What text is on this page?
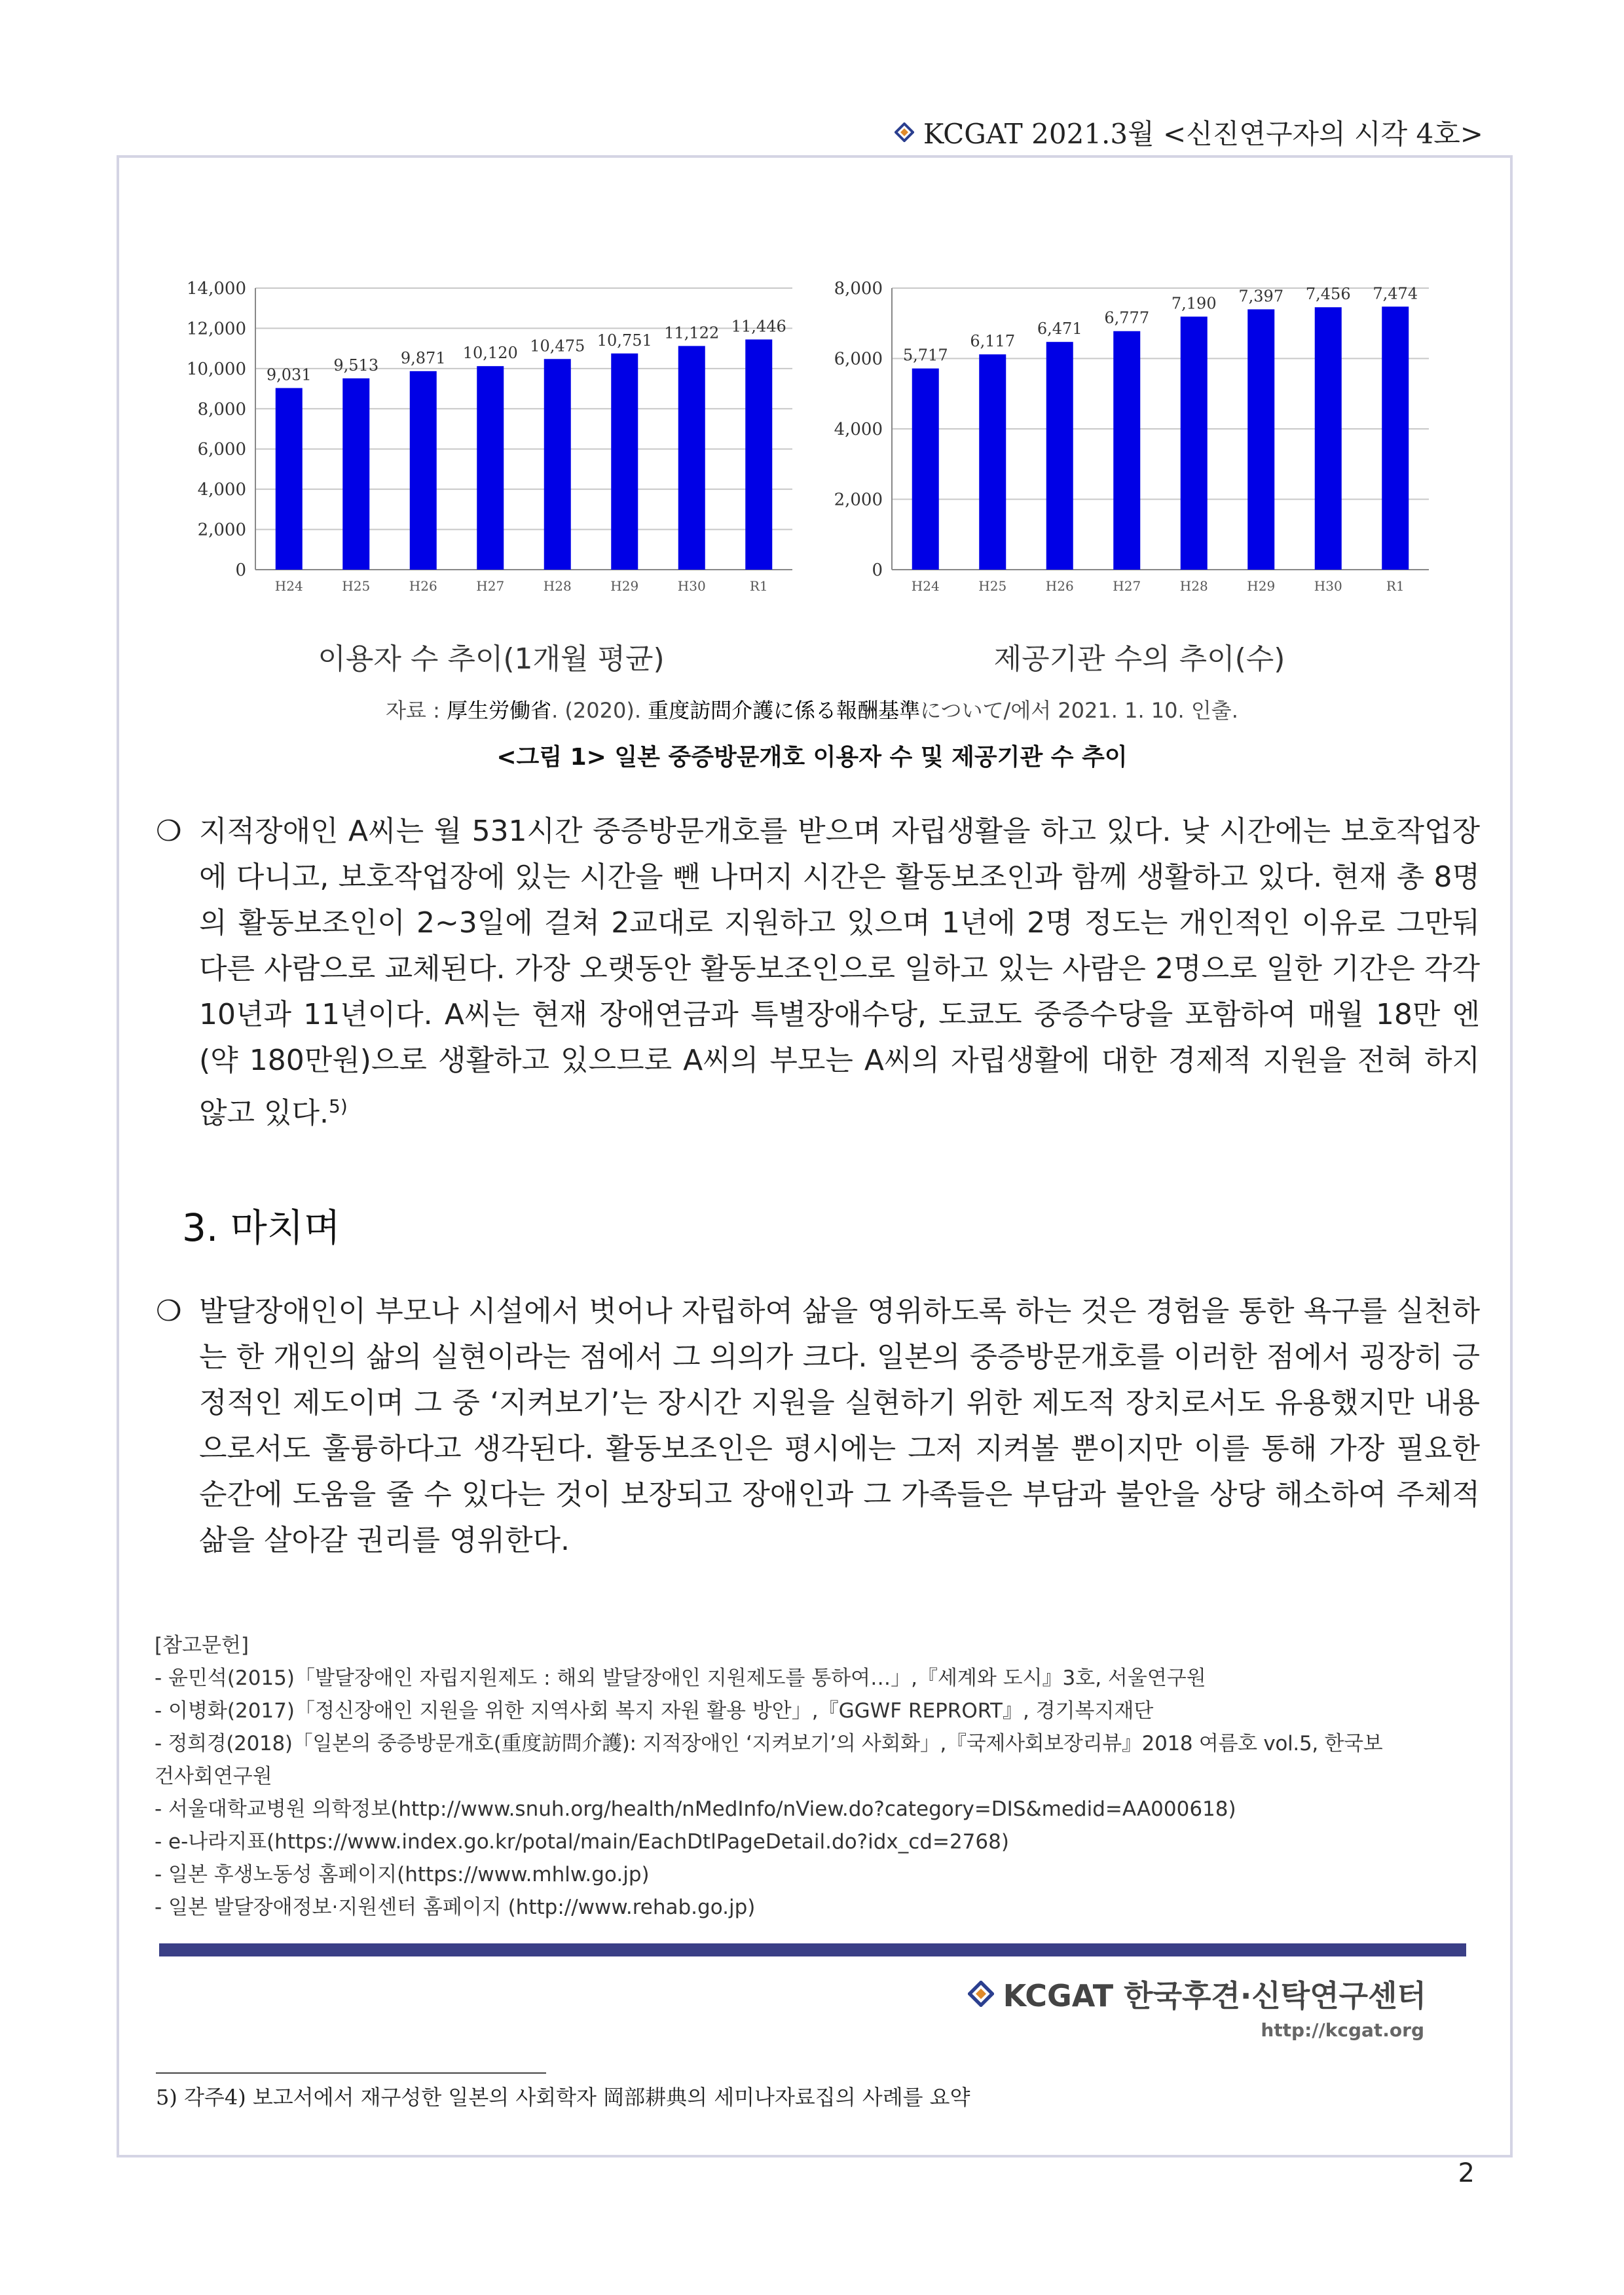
KCGAT 2021.3월 <신진연구자의 시각 4호>
0
2,000
4,000
6,000
8,000
10,000
12,000
14,000
9,031
H24
9,513
H25
9,871
H26
10,120
H27
10,475
H28
10,751
H29
11,122
H30
11,446
R1
0
2,000
4,000
6,000
8,000
5,717
H24
6,117
H25
6,471
H26
6,777
H27
7,190
H28
7,397
H29
7,456
H30
7,474
R1
이용자 수 추이(1개월 평균)	제공기관 수의 추이(수)
자료 : 厚生労働省. (2020). 重度訪問介護に係る報酬基準について/에서 2021. 1. 10. 인출.
<그림 1> 일본 중증방문개호 이용자 수 및 제공기관 수 추이
❍ 지적장애인 A씨는 월 531시간 중증방문개호를 받으며 자립생활을 하고 있다. 낮 시간에는 보호작업장에 다니고, 보호작업장에 있는 시간을 뺀 나머지 시간은 활동보조인과 함께 생활하고 있다. 현재 총 8명의 활동보조인이 2~3일에 걸쳐 2교대로 지원하고 있으며 1년에 2명 정도는 개인적인 이유로 그만둬 다른 사람으로 교체된다. 가장 오랫동안 활동보조인으로 일하고 있는 사람은 2명으로 일한 기간은 각각 10년과 11년이다. A씨는 현재 장애연금과 특별장애수당, 도쿄도 중증수당을 포함하여 매월 18만 엔(약 180만원)으로 생활하고 있으므로 A씨의 부모는 A씨의 자립생활에 대한 경제적 지원을 전혀 하지 않고 있다.$^{5)}$
3. 마치며
❍ 발달장애인이 부모나 시설에서 벗어나 자립하여 삶을 영위하도록 하는 것은 경험을 통한 욕구를 실천하는 한 개인의 삶의 실현이라는 점에서 그 의의가 크다. 일본의 중증방문개호를 이러한 점에서 굉장히 긍정적인 제도이며 그 중 ‘지켜보기’는 장시간 지원을 실현하기 위한 제도적 장치로서도 유용했지만 내용으로서도 훌륭하다고 생각된다. 활동보조인은 평시에는 그저 지켜볼 뿐이지만 이를 통해 가장 필요한 순간에 도움을 줄 수 있다는 것이 보장되고 장애인과 그 가족들은 부담과 불안을 상당 해소하여 주체적 삶을 살아갈 권리를 영위한다.
[참고문헌]
- 윤민석(2015)「발달장애인 자립지원제도 : 해외 발달장애인 지원제도를 통하여…」,『세계와 도시』3호, 서울연구원
- 이병화(2017)「정신장애인 지원을 위한 지역사회 복지 자원 활용 방안」,『GGWF REPRORT』, 경기복지재단
- 정희경(2018)「일본의 중증방문개호(重度訪問介護): 지적장애인 ‘지켜보기’의 사회화」,『국제사회보장리뷰』2018 여름호 vol.5, 한국보
건사회연구원
- 서울대학교병원 의학정보(http://www.snuh.org/health/nMedInfo/nView.do?category=DIS&medid=AA000618)
- e-나라지표(https://www.index.go.kr/potal/main/EachDtlPageDetail.do?idx_cd=2768)
- 일본 후생노동성 홈페이지(https://www.mhlw.go.jp)
- 일본 발달장애정보·지원센터 홈페이지 (http://www.rehab.go.jp)
KCGAT 한국후견·신탁연구센터
http://kcgat.org
5) 각주4) 보고서에서 재구성한 일본의 사회학자 岡部耕典의 세미나자료집의 사례를 요약
2
